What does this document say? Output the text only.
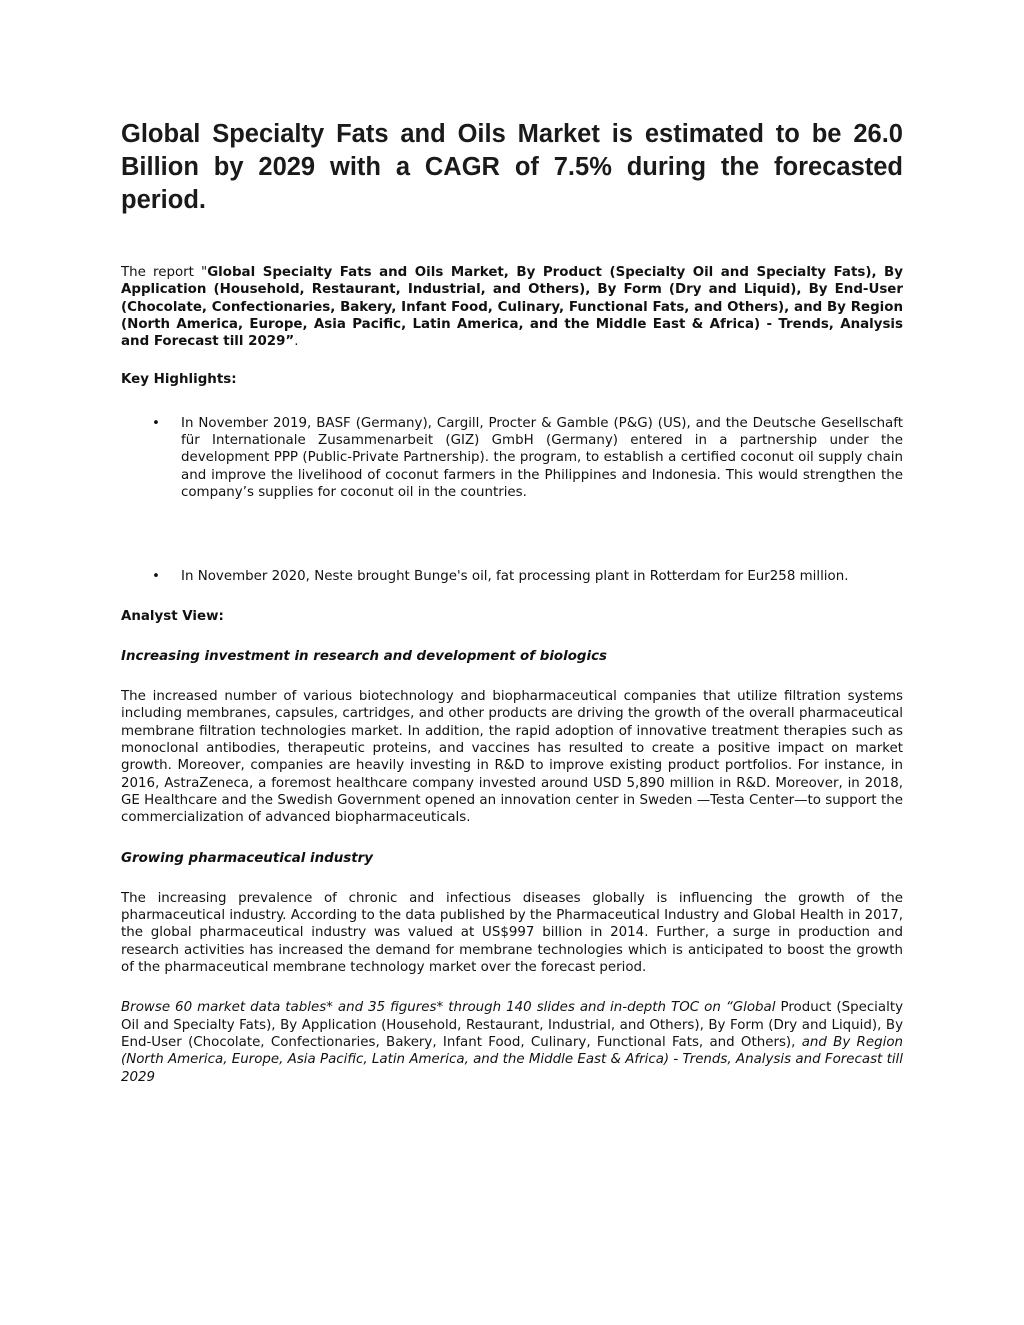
Global Specialty Fats and Oils Market is estimated to be 26.0 Billion by 2029 with a CAGR of 7.5% during the forecasted period.

The report "Global Specialty Fats and Oils Market, By Product (Specialty Oil and Specialty Fats), By Application (Household, Restaurant, Industrial, and Others), By Form (Dry and Liquid), By End-User (Chocolate, Confectionaries, Bakery, Infant Food, Culinary, Functional Fats, and Others), and By Region (North America, Europe, Asia Pacific, Latin America, and the Middle East & Africa) - Trends, Analysis and Forecast till 2029”.

Key Highlights:

• In November 2019, BASF (Germany), Cargill, Procter & Gamble (P&G) (US), and the Deutsche Gesellschaft für Internationale Zusammenarbeit (GIZ) GmbH (Germany) entered in a partnership under the development PPP (Public-Private Partnership). the program, to establish a certified coconut oil supply chain and improve the livelihood of coconut farmers in the Philippines and Indonesia. This would strengthen the company’s supplies for coconut oil in the countries.

• In November 2020, Neste brought Bunge's oil, fat processing plant in Rotterdam for Eur258 million.

Analyst View:

Increasing investment in research and development of biologics

The increased number of various biotechnology and biopharmaceutical companies that utilize filtration systems including membranes, capsules, cartridges, and other products are driving the growth of the overall pharmaceutical membrane filtration technologies market. In addition, the rapid adoption of innovative treatment therapies such as monoclonal antibodies, therapeutic proteins, and vaccines has resulted to create a positive impact on market growth. Moreover, companies are heavily investing in R&D to improve existing product portfolios. For instance, in 2016, AstraZeneca, a foremost healthcare company invested around USD 5,890 million in R&D. Moreover, in 2018, GE Healthcare and the Swedish Government opened an innovation center in Sweden —Testa Center—to support the commercialization of advanced biopharmaceuticals.

Growing pharmaceutical industry

The increasing prevalence of chronic and infectious diseases globally is influencing the growth of the pharmaceutical industry. According to the data published by the Pharmaceutical Industry and Global Health in 2017, the global pharmaceutical industry was valued at US$997 billion in 2014. Further, a surge in production and research activities has increased the demand for membrane technologies which is anticipated to boost the growth of the pharmaceutical membrane technology market over the forecast period.

Browse 60 market data tables* and 35 figures* through 140 slides and in-depth TOC on “Global Product (Specialty Oil and Specialty Fats), By Application (Household, Restaurant, Industrial, and Others), By Form (Dry and Liquid), By End-User (Chocolate, Confectionaries, Bakery, Infant Food, Culinary, Functional Fats, and Others), and By Region (North America, Europe, Asia Pacific, Latin America, and the Middle East & Africa) - Trends, Analysis and Forecast till 2029
